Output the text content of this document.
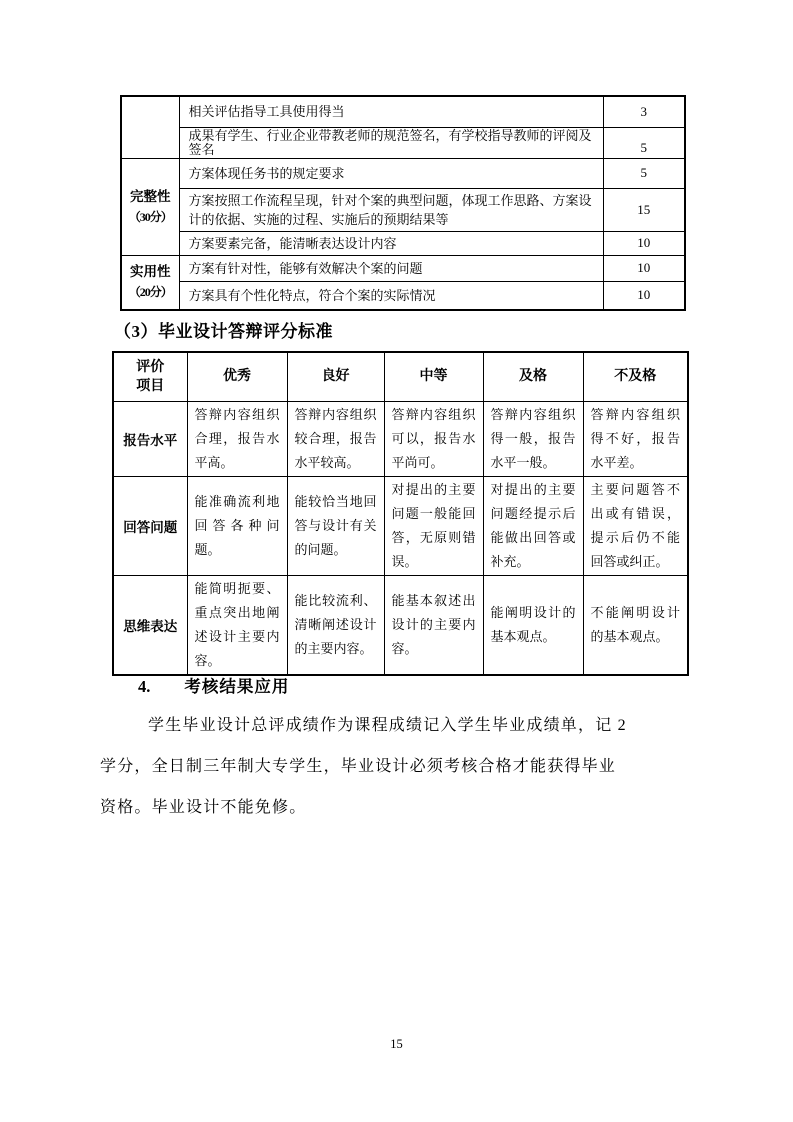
	相关评估指导工具使用得当	3
	成果有学生、行业企业带教老师的规范签名，有学校指导教师的评阅及签名	5

完整性
（30分）	方案体现任务书的规定要求	5
	方案按照工作流程呈现，针对个案的典型问题，体现工作思路、方案设计的依据、实施的过程、实施后的预期结果等	15
	方案要素完备，能清晰表达设计内容	10

实用性
（20分）	方案有针对性，能够有效解决个案的问题	10
	方案具有个性化特点，符合个案的实际情况	10
（3）毕业设计答辩评分标准
评价
项目	优秀	良好	中等	及格	不及格
报告水平	答辩内容组织合理，报告水平高。	答辩内容组织较合理，报告水平较高。	答辩内容组织可以，报告水平尚可。	答辩内容组织得一般，报告水平一般。	答辩内容组织得不好，报告水平差。
回答问题	能准确流利地回答各种问题。	能较恰当地回答与设计有关的问题。	对提出的主要问题一般能回答，无原则错误。	对提出的主要问题经提示后能做出回答或补充。	主要问题答不出或有错误，提示后仍不能回答或纠正。
思维表达	能简明扼要、重点突出地阐述设计主要内容。	能比较流利、清晰阐述设计的主要内容。	能基本叙述出设计的主要内容。	能阐明设计的基本观点。	不能阐明设计的基本观点。
4. 考核结果应用
学生毕业设计总评成绩作为课程成绩记入学生毕业成绩单，记 2
学分，全日制三年制大专学生，毕业设计必须考核合格才能获得毕业
资格。毕业设计不能免修。
15
